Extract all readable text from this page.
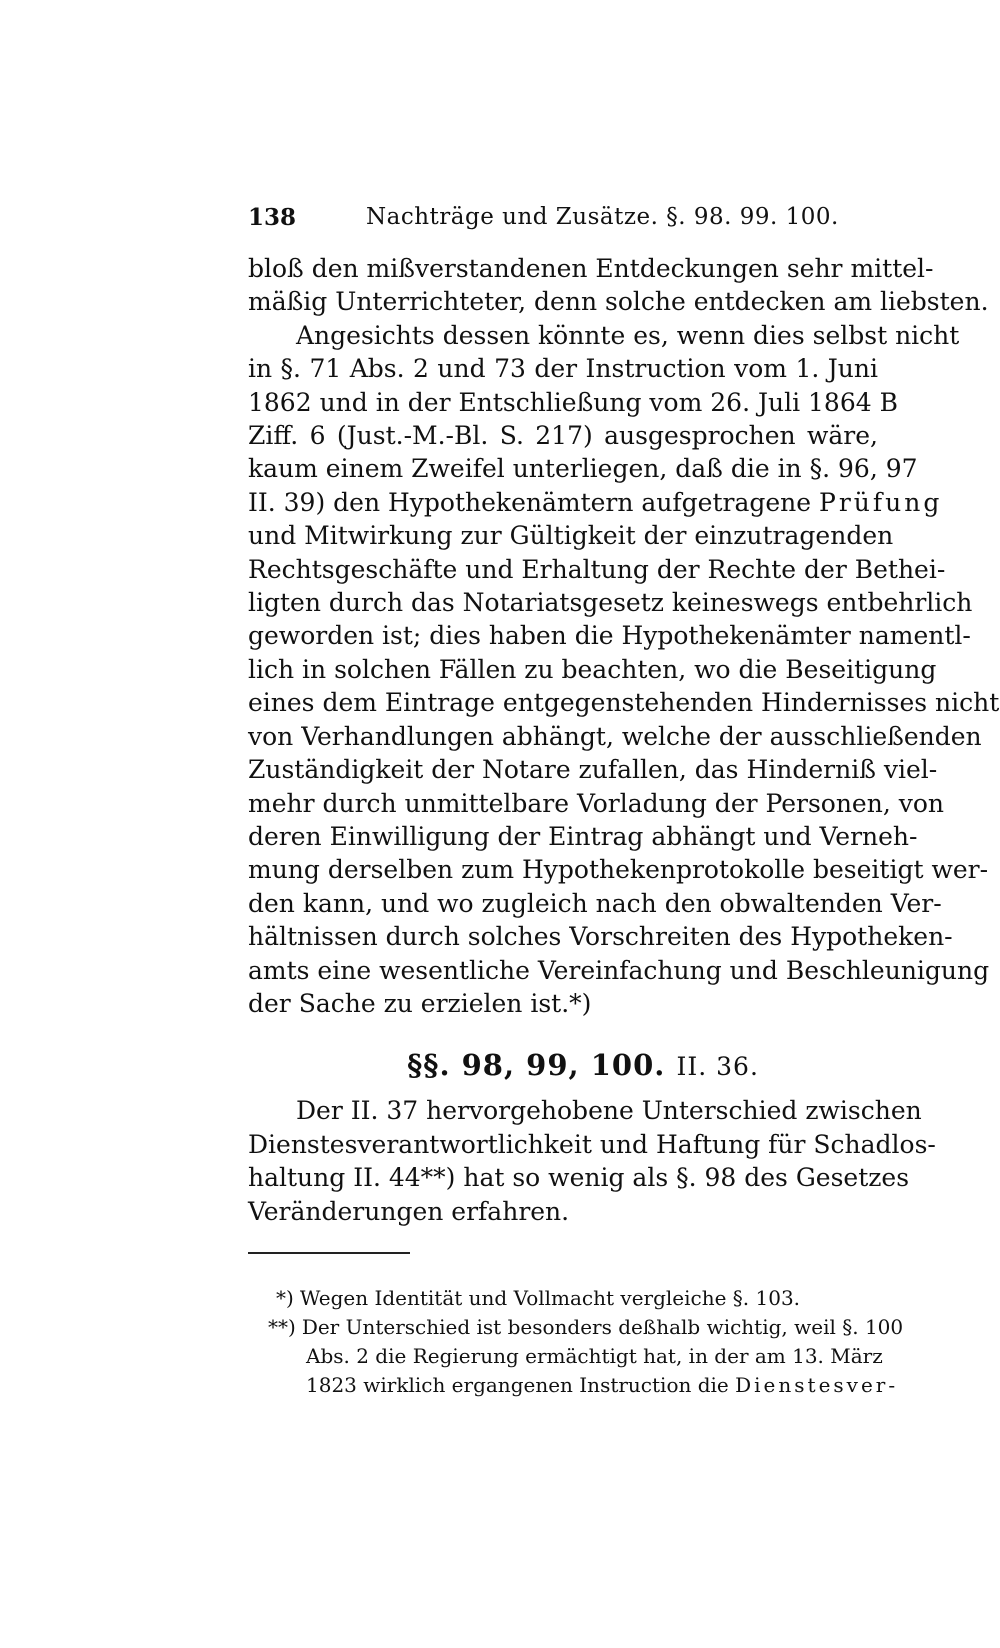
138	Nachträge und Zusätze. §. 98. 99. 100.
bloß den mißverstandenen Entdeckungen sehr mittel-
mäßig Unterrichteter, denn solche entdecken am liebsten.
Angesichts dessen könnte es, wenn dies selbst nicht
in §. 71 Abs. 2 und 73 der Instruction vom 1. Juni
1862 und in der Entschließung vom 26. Juli 1864 B
Ziff. 6 (Just.-M.-Bl. S. 217) ausgesprochen wäre,
kaum einem Zweifel unterliegen, daß die in §. 96, 97
II. 39) den Hypothekenämtern aufgetragene Prüfung
und Mitwirkung zur Gültigkeit der einzutragenden
Rechtsgeschäfte und Erhaltung der Rechte der Bethei-
ligten durch das Notariatsgesetz keineswegs entbehrlich
geworden ist; dies haben die Hypothekenämter namentl-
lich in solchen Fällen zu beachten, wo die Beseitigung
eines dem Eintrage entgegenstehenden Hindernisses nicht
von Verhandlungen abhängt, welche der ausschließenden
Zuständigkeit der Notare zufallen, das Hinderniß viel-
mehr durch unmittelbare Vorladung der Personen, von
deren Einwilligung der Eintrag abhängt und Verneh-
mung derselben zum Hypothekenprotokolle beseitigt wer-
den kann, und wo zugleich nach den obwaltenden Ver-
hältnissen durch solches Vorschreiten des Hypotheken-
amts eine wesentliche Vereinfachung und Beschleunigung
der Sache zu erzielen ist.*)
§§. 98, 99, 100. II. 36.
Der II. 37 hervorgehobene Unterschied zwischen
Dienstesverantwortlichkeit und Haftung für Schadlos-
haltung II. 44**) hat so wenig als §. 98 des Gesetzes
Veränderungen erfahren.
*) Wegen Identität und Vollmacht vergleiche §. 103.
**) Der Unterschied ist besonders deßhalb wichtig, weil §. 100
Abs. 2 die Regierung ermächtigt hat, in der am 13. März
1823 wirklich ergangenen Instruction die Dienstesver-
